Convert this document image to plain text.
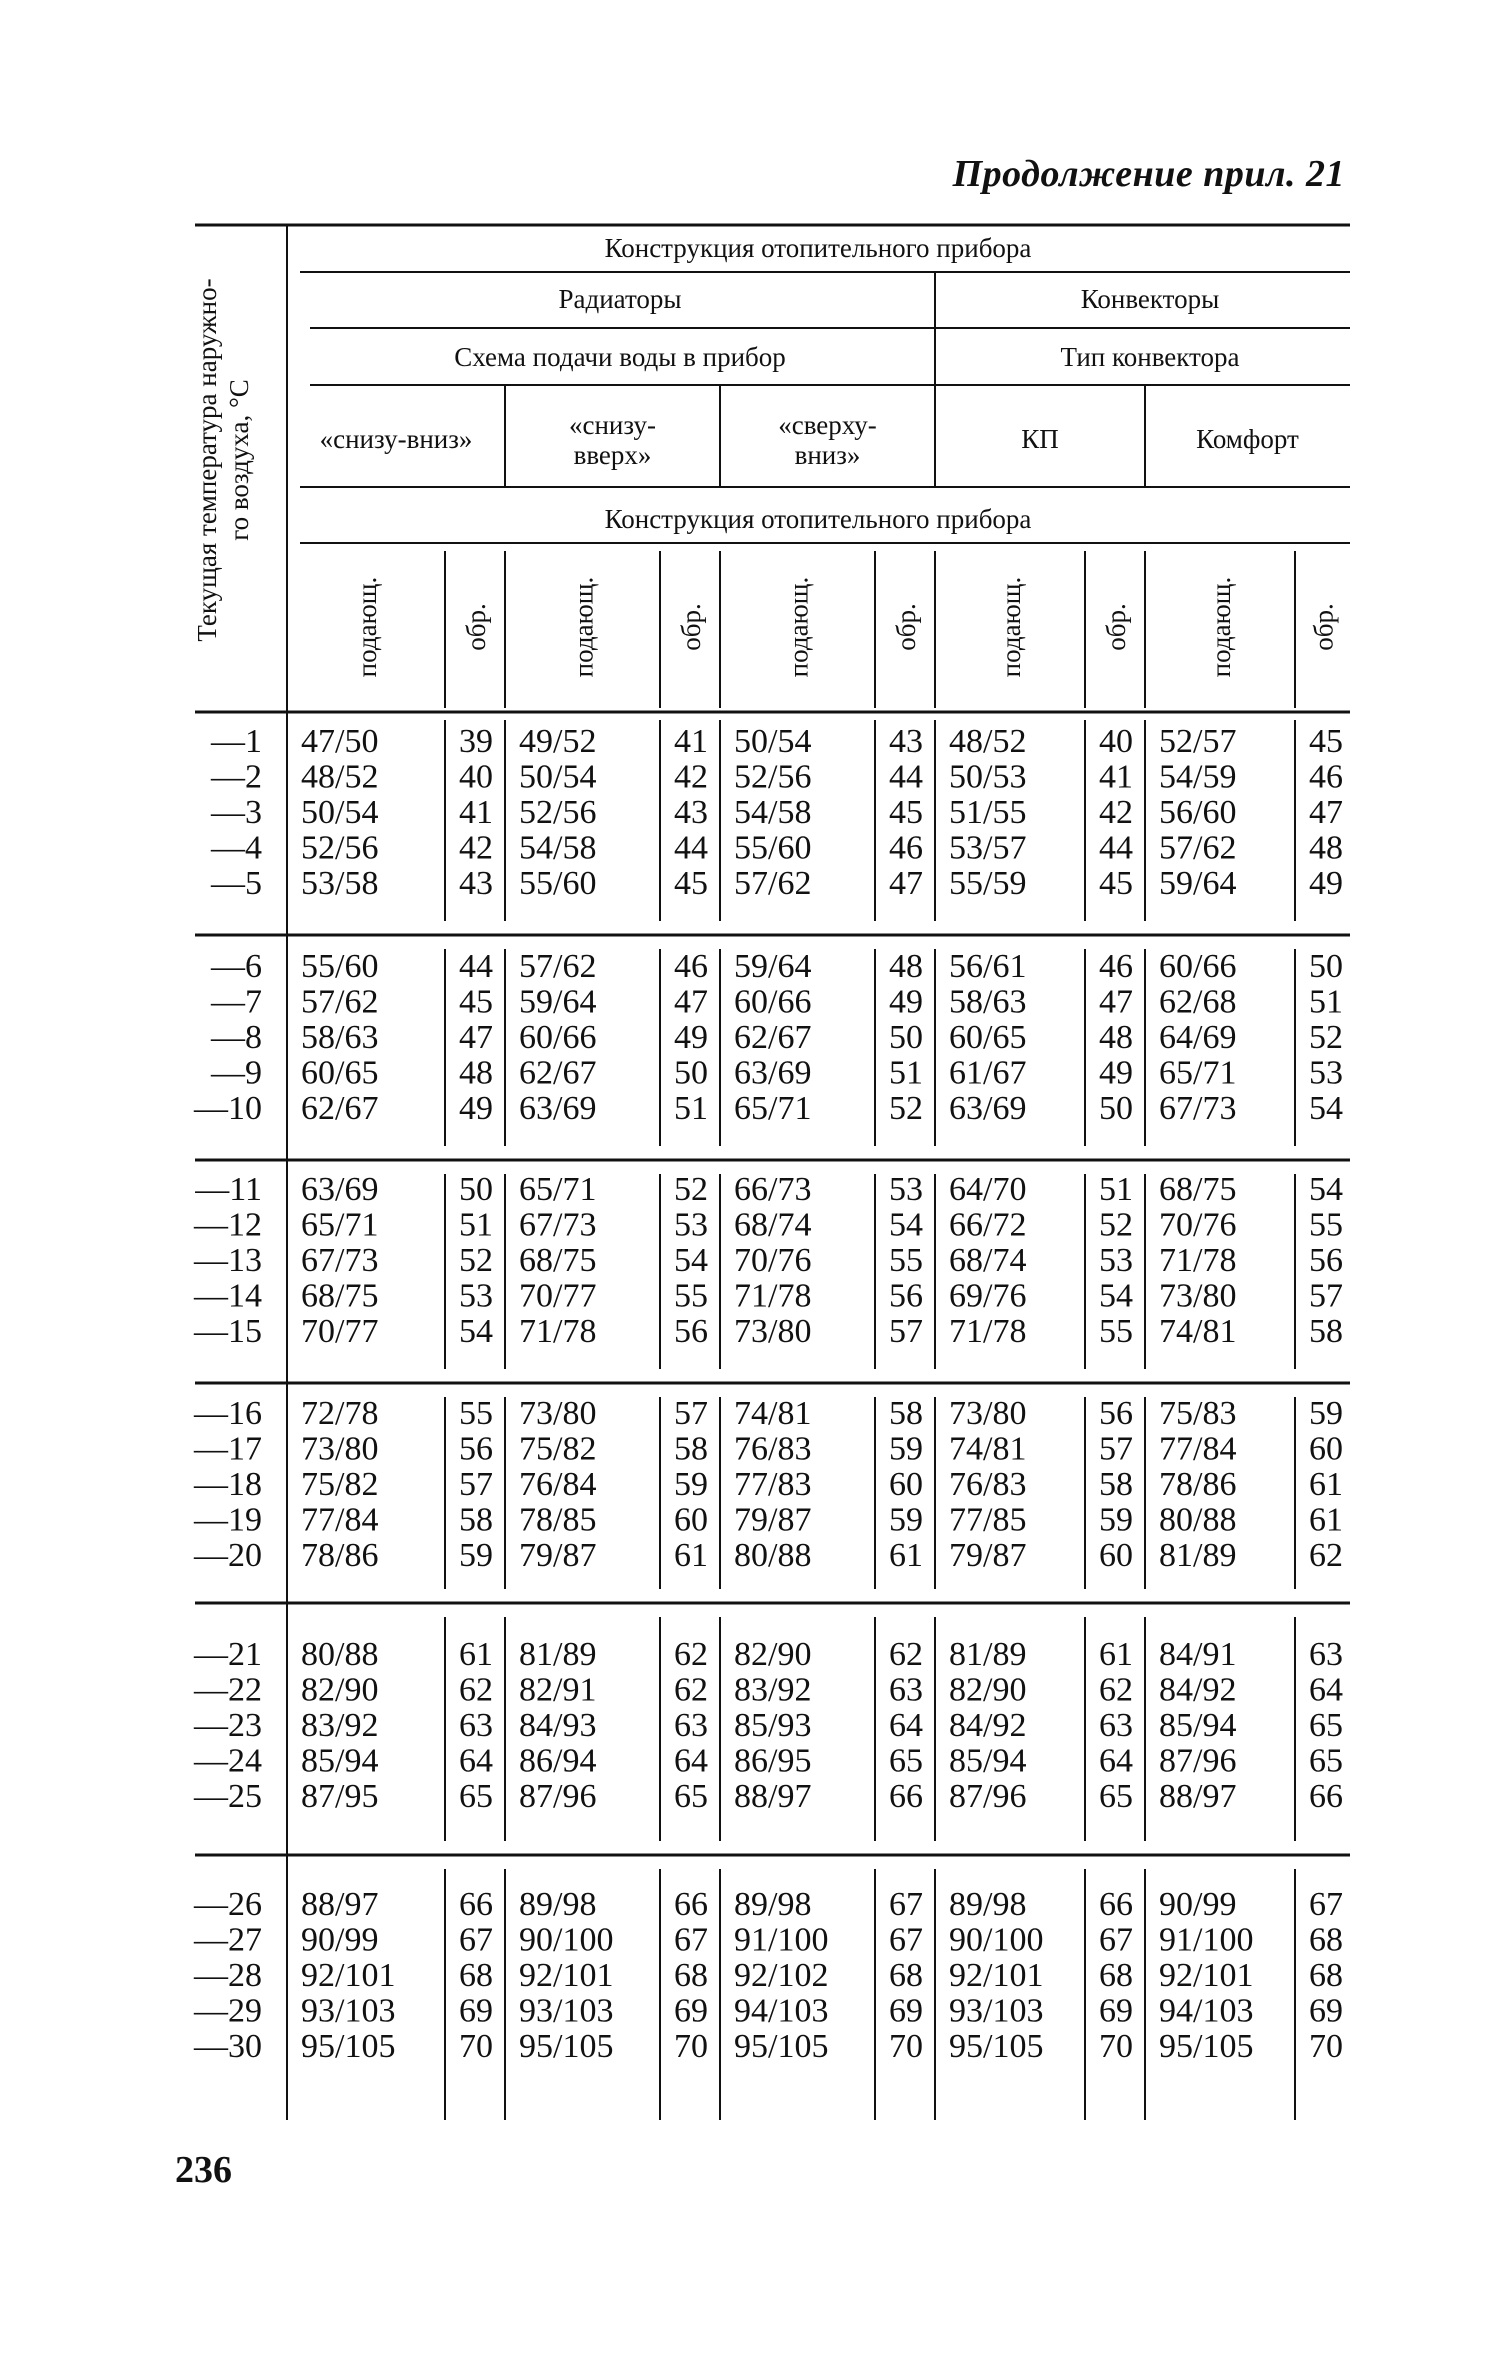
Продолжение прил. 21
Конструкция отопительного прибора
Радиаторы	Конвекторы
Схема подачи воды в прибор	Тип конвектора
«снизу-вниз»	«снизу-вверх»
«сверху-вниз»
КП	Комфорт
Конструкция отопительного прибора
Текущая температура наружно-го воздуха, °С
подающ.	обр.	подающ.	обр.	подающ.	обр.	подающ.	обр.	подающ.	обр.
—1 47/50 39 49/52 41 50/54 43 48/52 40 52/57 45
—2 48/52 40 50/54 42 52/56 44 50/53 41 54/59 46
—3 50/54 41 52/56 43 54/58 45 51/55 42 56/60 47
—4 52/56 42 54/58 44 55/60 46 53/57 44 57/62 48
—5 53/58 43 55/60 45 57/62 47 55/59 45 59/64 49
—6 55/60 44 57/62 46 59/64 48 56/61 46 60/66 50
—7 57/62 45 59/64 47 60/66 49 58/63 47 62/68 51
—8 58/63 47 60/66 49 62/67 50 60/65 48 64/69 52
—9 60/65 48 62/67 50 63/69 51 61/67 49 65/71 53
—10 62/67 49 63/69 51 65/71 52 63/69 50 67/73 54
—11 63/69 50 65/71 52 66/73 53 64/70 51 68/75 54
—12 65/71 51 67/73 53 68/74 54 66/72 52 70/76 55
—13 67/73 52 68/75 54 70/76 55 68/74 53 71/78 56
—14 68/75 53 70/77 55 71/78 56 69/76 54 73/80 57
—15 70/77 54 71/78 56 73/80 57 71/78 55 74/81 58
—16 72/78 55 73/80 57 74/81 58 73/80 56 75/83 59
—17 73/80 56 75/82 58 76/83 59 74/81 57 77/84 60
—18 75/82 57 76/84 59 77/83 60 76/83 58 78/86 61
—19 77/84 58 78/85 60 79/87 59 77/85 59 80/88 61
—20 78/86 59 79/87 61 80/88 61 79/87 60 81/89 62
—21 80/88 61 81/89 62 82/90 62 81/89 61 84/91 63
—22 82/90 62 82/91 62 83/92 63 82/90 62 84/92 64
—23 83/92 63 84/93 63 85/93 64 84/92 63 85/94 65
—24 85/94 64 86/94 64 86/95 65 85/94 64 87/96 65
—25 87/95 65 87/96 65 88/97 66 87/96 65 88/97 66
—26 88/97 66 89/98 66 89/98 67 89/98 66 90/99 67
—27 90/99 67 90/100 67 91/100 67 90/100 67 91/100 68
—28 92/101 68 92/101 68 92/102 68 92/101 68 92/101 68
—29 93/103 69 93/103 69 94/103 69 93/103 69 94/103 69
—30 95/105 70 95/105 70 95/105 70 95/105 70 95/105 70
236
